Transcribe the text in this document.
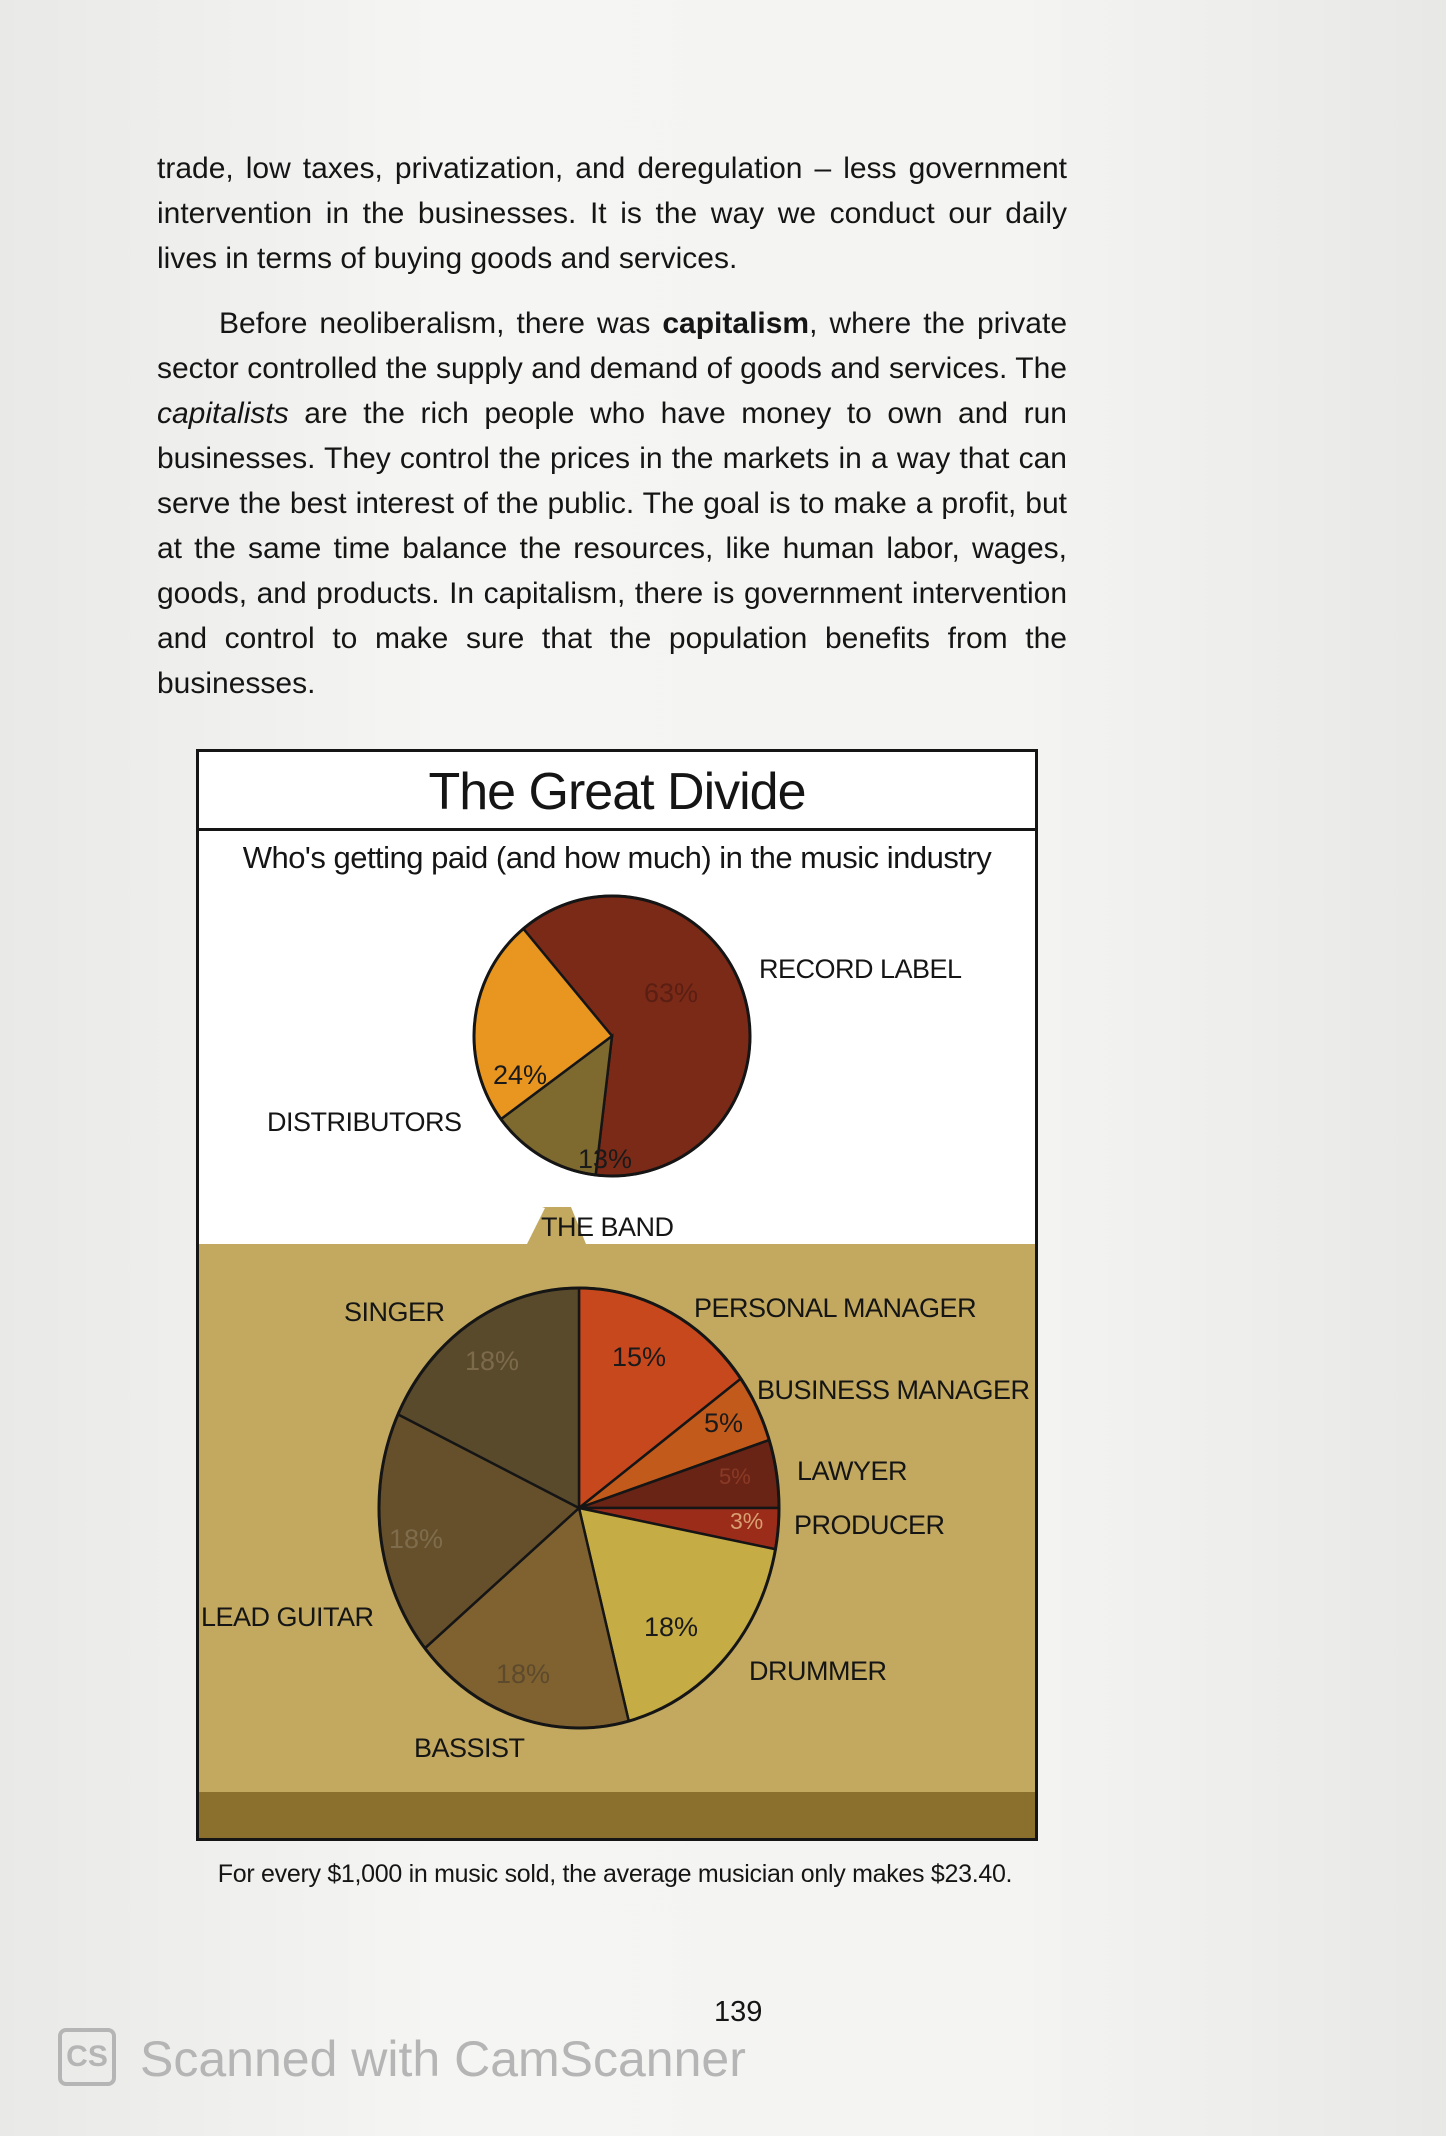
trade, low taxes, privatization, and deregulation – less government intervention in the businesses. It is the way we conduct our daily lives in terms of buying goods and services.

Before neoliberalism, there was capitalism, where the private sector controlled the supply and demand of goods and services. The capitalists are the rich people who have money to own and run businesses. They control the prices in the markets in a way that can serve the best interest of the public. The goal is to make a profit, but at the same time balance the resources, like human labor, wages, goods, and products. In capitalism, there is government intervention and control to make sure that the population benefits from the businesses.

The Great Divide
Who's getting paid (and how much) in the music industry
RECORD LABEL
63%
DISTRIBUTORS
24%
THE BAND
13%
SINGER
18%
PERSONAL MANAGER
15%
BUSINESS MANAGER
5%
LAWYER
5%
PRODUCER
3%
LEAD GUITAR
18%
DRUMMER
18%
BASSIST
18%
For every $1,000 in music sold, the average musician only makes $23.40.
139
CS Scanned with CamScanner
